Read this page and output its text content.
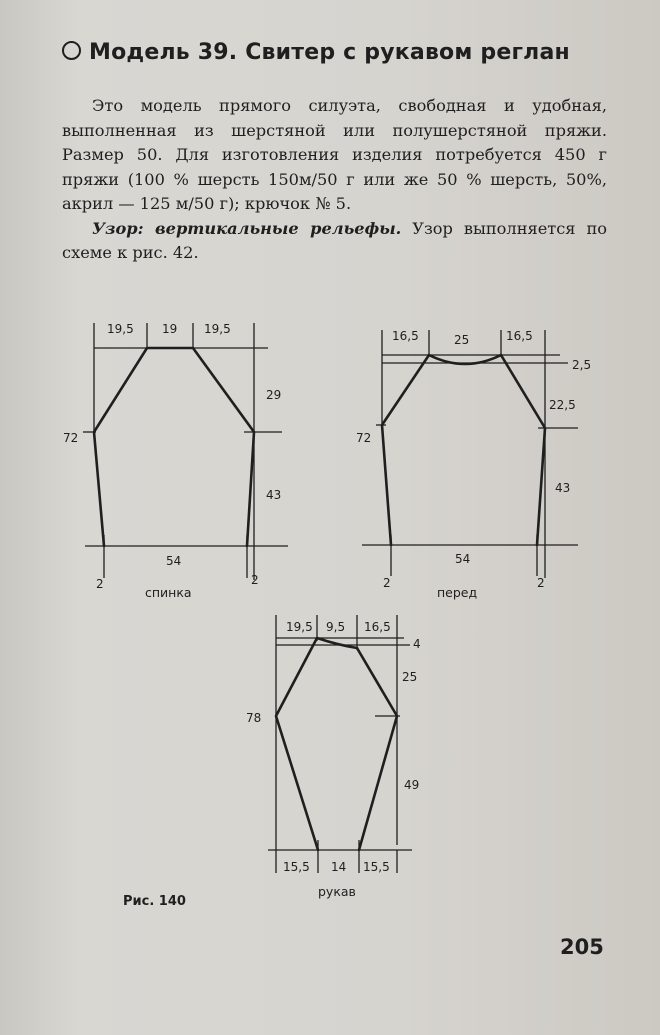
Модель 39. Свитер с рукавом реглан

Это модель прямого силуэта, свободная и удобная, выполненная из шерстяной или полушерстяной пряжи. Размер 50. Для изготовления изделия потребуется 450 г пряжи (100 % шерсть 150м/50 г или же 50 % шерсть, 50%, акрил — 125 м/50 г); крючок № 5.

Узор: вертикальные рельефы. Узор выполняется по схеме к рис. 42.

19,5 19 19,5
72
29
43
54
2	2
спинка
16,5	25	16,5
2,5
22,5
72
43
54
2	2
перед
19,5 9,5 16,5
4
25
78
49
15,5 14 15,5
рукав
Рис. 140
205
